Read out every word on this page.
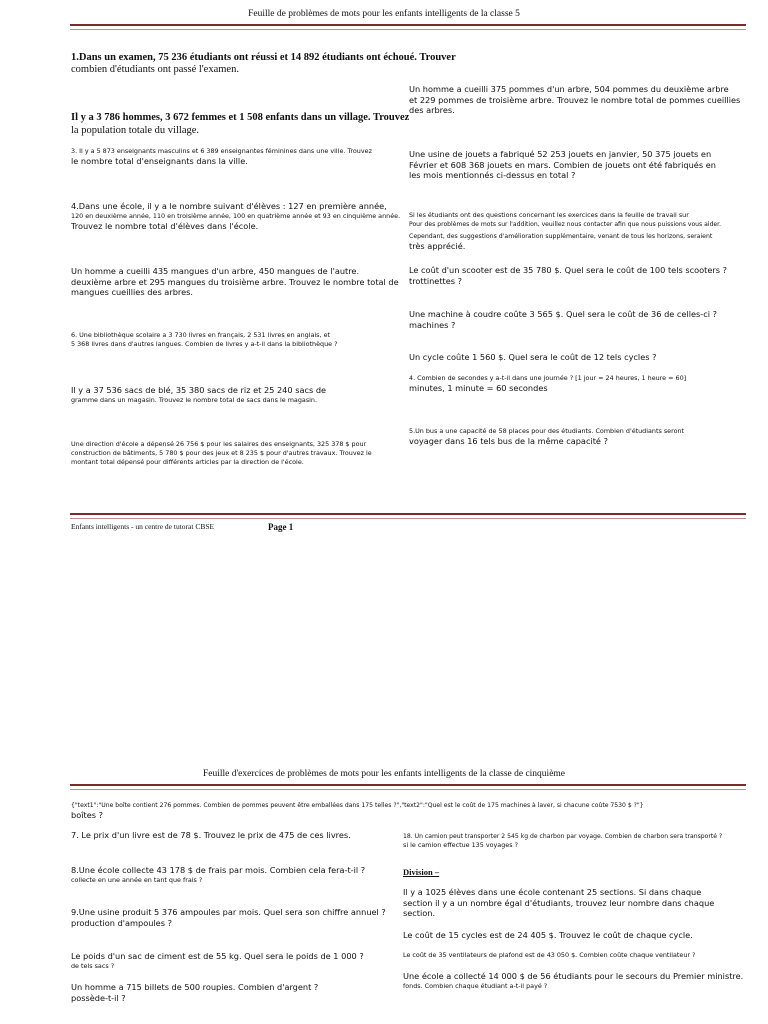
Feuille de problèmes de mots pour les enfants intelligents de la classe 5
1.Dans un examen, 75 236 étudiants ont réussi et 14 892 étudiants ont échoué. Trouver
combien d'étudiants ont passé l'examen.
Il y a 3 786 hommes, 3 672 femmes et 1 508 enfants dans un village. Trouvez
la population totale du village.
3. Il y a 5 873 enseignants masculins et 6 389 enseignantes féminines dans une ville. Trouvez
le nombre total d'enseignants dans la ville.
4.Dans une école, il y a le nombre suivant d'élèves : 127 en première année,
120 en deuxième année, 110 en troisième année, 100 en quatrième année et 93 en cinquième année.
Trouvez le nombre total d'élèves dans l'école.
Un homme a cueilli 435 mangues d'un arbre, 450 mangues de l'autre.
deuxième arbre et 295 mangues du troisième arbre. Trouvez le nombre total de
mangues cueillies des arbres.
6. Une bibliothèque scolaire a 3 730 livres en français, 2 531 livres en anglais, et
5 368 livres dans d'autres langues. Combien de livres y a-t-il dans la bibliothèque ?
Il y a 37 536 sacs de blé, 35 380 sacs de riz et 25 240 sacs de
gramme dans un magasin. Trouvez le nombre total de sacs dans le magasin.
Une direction d'école a dépensé 26 756 $ pour les salaires des enseignants, 325 378 $ pour
construction de bâtiments, 5 780 $ pour des jeux et 8 235 $ pour d'autres travaux. Trouvez le
montant total dépensé pour différents articles par la direction de l'école.
Un homme a cueilli 375 pommes d'un arbre, 504 pommes du deuxième arbre
et 229 pommes de troisième arbre. Trouvez le nombre total de pommes cueillies
des arbres.
Une usine de jouets a fabriqué 52 253 jouets en janvier, 50 375 jouets en
Février et 608 368 jouets en mars. Combien de jouets ont été fabriqués en
les mois mentionnés ci-dessus en total ?
Si les étudiants ont des questions concernant les exercices dans la feuille de travail sur
Pour des problèmes de mots sur l'addition, veuillez nous contacter afin que nous puissions vous aider.
Cependant, des suggestions d'amélioration supplémentaire, venant de tous les horizons, seraient
très apprécié.
Le coût d'un scooter est de 35 780 $. Quel sera le coût de 100 tels scooters ?
trottinettes ?
Une machine à coudre coûte 3 565 $. Quel sera le coût de 36 de celles-ci ?
machines ?
Un cycle coûte 1 560 $. Quel sera le coût de 12 tels cycles ?
4. Combien de secondes y a-t-il dans une journée ? [1 jour = 24 heures, 1 heure = 60]
minutes, 1 minute = 60 secondes
5.Un bus a une capacité de 58 places pour des étudiants. Combien d'étudiants seront
voyager dans 16 tels bus de la même capacité ?
Enfants intelligents - un centre de tutorat CBSE	Page 1
Feuille d'exercices de problèmes de mots pour les enfants intelligents de la classe de cinquième
{"text1":"Une boîte contient 276 pommes. Combien de pommes peuvent être emballées dans 175 telles ?","text2":"Quel est le coût de 175 machines à laver, si chacune coûte 7530 $ ?"}
boîtes ?
7. Le prix d'un livre est de 78 $. Trouvez le prix de 475 de ces livres.
8.Une école collecte 43 178 $ de frais par mois. Combien cela fera-t-il ?
collecte en une année en tant que frais ?
9.Une usine produit 5 376 ampoules par mois. Quel sera son chiffre annuel ?
production d'ampoules ?
Le poids d'un sac de ciment est de 55 kg. Quel sera le poids de 1 000 ?
de tels sacs ?
Un homme a 715 billets de 500 roupies. Combien d'argent ?
possède-t-il ?
18. Un camion peut transporter 2 545 kg de charbon par voyage. Combien de charbon sera transporté ?
si le camion effectue 135 voyages ?
Division –
Il y a 1025 élèves dans une école contenant 25 sections. Si dans chaque
section il y a un nombre égal d'étudiants, trouvez leur nombre dans chaque
section.
Le coût de 15 cycles est de 24 405 $. Trouvez le coût de chaque cycle.
Le coût de 35 ventilateurs de plafond est de 43 050 $. Combien coûte chaque ventilateur ?
Une école a collecté 14 000 $ de 56 étudiants pour le secours du Premier ministre.
fonds. Combien chaque étudiant a-t-il payé ?
